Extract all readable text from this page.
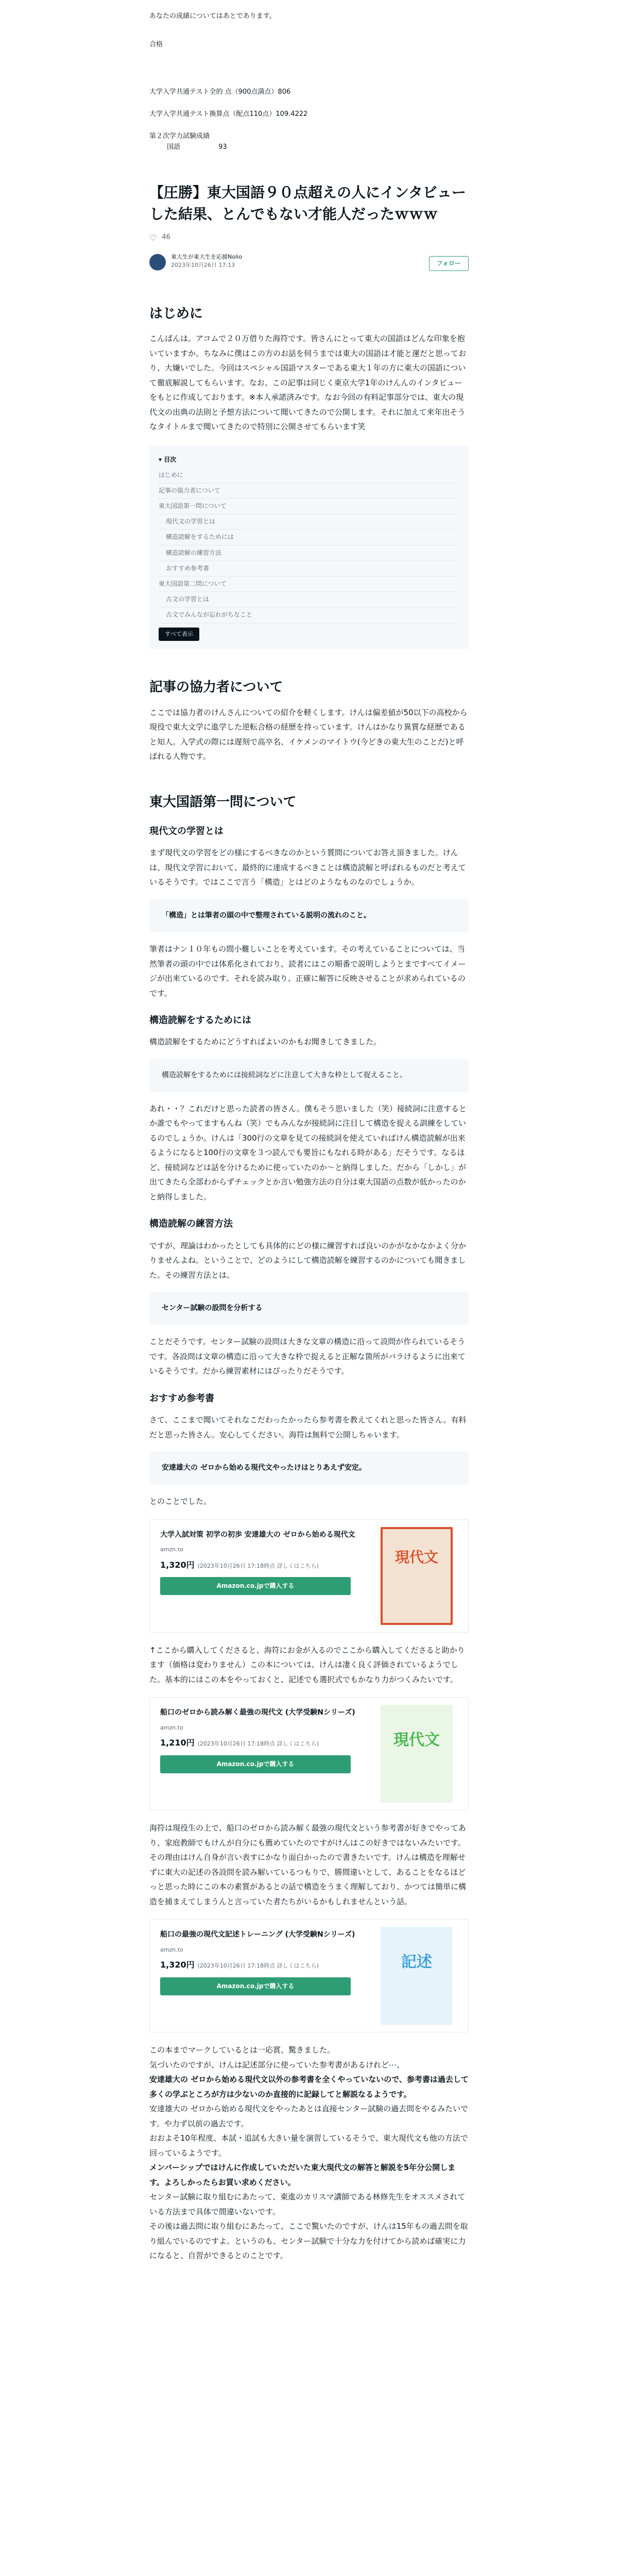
あなたの成績についてはあとであります。
合格
大学入学共通テスト全的 点（900点満点）806
大学入学共通テスト換算点（配点110点）109.4222
第２次学力試験成績
国語	93
【圧勝】東大国語９０点超えの人にインタビューした結果、とんでもない才能人だったｗｗｗ
♡ 46
東大生が東大生を応援Nolio
2023年10月26日 17:13	フォロー
はじめに
こんばんは。アコムで２０万借りた海符です。皆さんにとって東大の国語はどんな印象を抱いていますか。ちなみに僕はこの方のお話を伺うまでは東大の国語は才能と運だと思っており、大嫌いでした。今回はスペシャル国語マスターである東大１年の方に東大の国語について徹底解説してもらいます。なお、この記事は同じく東京大学1年のけんんのインタビューをもとに作成しております。※本人承諾済みです。なお今回の有料記事部分では、東大の現代文の出典の法則と予想方法について聞いてきたので公開します。それに加えて来年出そうなタイトルまで聞いてきたので特別に公開させてもらいます笑
▾ 目次
はじめに
記事の協力者について
東大国語第一問について
現代文の学習とは
構造読解をするためには
構造読解の練習方法
おすすめ参考書
東大国語第二問について
古文の学習とは
古文でみんなが忘れがちなこと
すべて表示
記事の協力者について
ここでは協力者のけんさんについての紹介を軽くします。けんは偏差値が50以下の高校から現役で東大文学に進学した逆転合格の経歴を持っています。けんはかなり異質な経歴であると知人。入学式の際には遅刻で高卒名、イケメンのマイトウ(今どきの東大生のことだ)と呼ばれる人物です。
東大国語第一問について
現代文の学習とは
まず現代文の学習をどの様にするべきなのかという質問についてお答え頂きました。けんは、現代文学習において、最終的に達成するべきことは構造読解と呼ばれるものだと考えているそうです。ではここで言う「構造」とはどのようなものなのでしょうか。
「構造」とは筆者の頭の中で整理されている説明の流れのこと。
筆者はナン１０年もの間小難しいことを考えています。その考えていることについては、当然筆者の頭の中では体系化されており、読者にはこの順番で説明しようとまですべてイメージが出来ているのです。それを読み取り、正確に解答に反映させることが求められているのです。
構造読解をするためには
構造読解をするためにどうすればよいのかもお聞きしてきました。
構造読解をするためには接続詞などに注意して大きな枠として捉えること。
あれ・・？これだけと思った読者の皆さん。僕もそう思いました（笑）接続詞に注意するとか誰でもやってますもんね（笑）でもみんなが接続詞に注目して構造を捉える訓練をしているのでしょうか。けんは「300行の文章を見ての接続詞を使えていればけん構造読解が出来るようになると100行の文章を３つ読んでも要旨にもなれる時がある」だそうです。なるほど、接続詞などは話を分けるために使っていたのか〜と納得しました。だから「しかし」が出てきたら全部わからずチェックとか言い勉強方法の自分は東大国語の点数が低かったのかと納得しました。
構造読解の練習方法
ですが、理論はわかったとしても具体的にどの様に練習すれば良いのかがなかなかよく分かりませんよね。ということで、どのようにして構造読解を練習するのかについても聞きました。その練習方法とは。
センター試験の設問を分析する
ことだそうです。センター試験の設問は大きな文章の構造に沿って設問が作られているそうです。各設問は文章の構造に沿って大きな枠で捉えると正解な箇所がバラけるように出来ているそうです。だから練習素材にはぴったりだそうです。
おすすめ参考書
さて、ここまで聞いてそれなこだわったかったら参考書を教えてくれと思った皆さん。有料だと思った皆さん。安心してください。海符は無料で公開しちゃいます。
安達雄大の ゼロから始める現代文やったけはとりあえず安定。
とのことでした。
大学入試対策 初学の初歩 安達雄大の ゼロから始める現代文
amzn.to
1,320円 (2023年10月26日 17:18時点 詳しくはこちら)
Amazon.co.jpで購入する
現代文
↑ここから購入してくださると、海符にお金が入るのでここから購入してくださると助かります（価格は変わりません）この本については、けんは凄く良く評価されているようでした。基本的にはこの本をやっておくと、記述でも選択式でもかなり力がつくみたいです。
船口のゼロから読み解く最強の現代文 (大学受験Nシリーズ)
amzn.to
1,210円 (2023年10月26日 17:18時点 詳しくはこちら)
Amazon.co.jpで購入する
現代文
海符は現役生の上で、船口のゼロから読み解く最強の現代文という参考書が好きでやってあり、家庭教師でもけんが自分にも薦めていたのですがけんはこの好きではないみたいです。その理由はけん自身が言い表すにかなり面白かったので書きたいです。けんは構造を理解せずに東大の記述の各設問を読み解いているつもりで、勝間違いとして、あることをなるほどっと思った時にこの本の素質があるとの話で構造をうまく理解しており、かつては簡単に構造を捕まえてしまうんと言っていた者たちがいるかもしれませんという話。
船口の最強の現代文記述トレーニング (大学受験Nシリーズ)
amzn.to
1,320円 (2023年10月26日 17:18時点 詳しくはこちら)
Amazon.co.jpで購入する
記述
この本までマークしているとは一応賞、驚きました。
気づいたのですが、けんは記述部分に使っていた参考書があるけれど⋯、
安達雄大の ゼロから始める現代文以外の参考書を全くやっていないので、参考書は過去して多くの学ぶところが方は少ないのか直接的に記録してと解説なるようです。
安達雄大の ゼロから始める現代文をやったあとは直接センター試験の過去問をやるみたいです。や力ず以前の過去です。
おおよそ10年程度、本試・追試も大きい量を演習しているそうで、東大現代文も他の方法で回っているようです。
メンバーシップではけんに作成していただいた東大現代文の解答と解説を5年分公開します。よろしかったらお買い求めください。
センター試験に取り組むにあたって、東進のカリスマ講師である林修先生をオススメされている方法まで具体で間違いないです。
その後は過去問に取り組むにあたって、ここで驚いたのですが、けんは15年もの過去問を取り組んでいるのですよ。というのも、センター試験で十分な力を付けてから読めば確実に力になると、自習ができるとのことです。
